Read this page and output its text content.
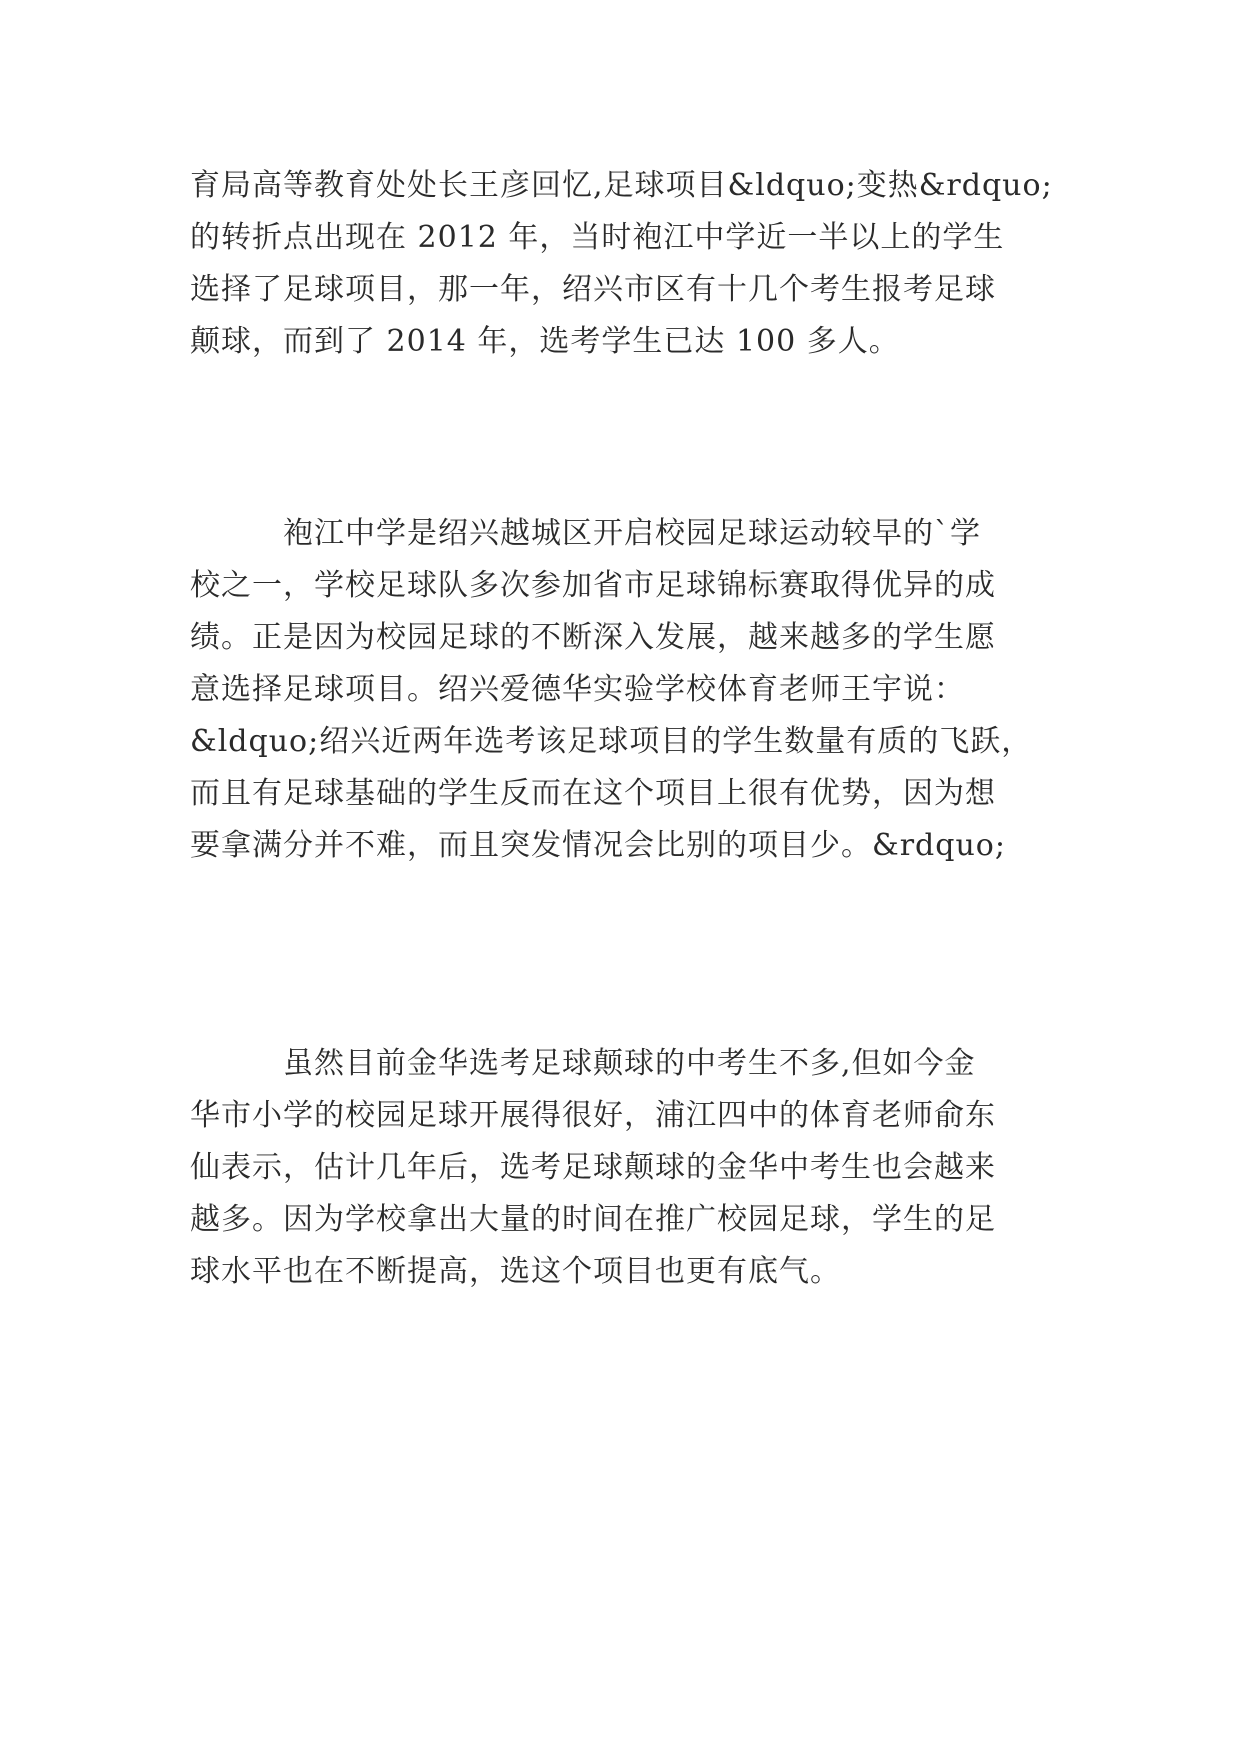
育局高等教育处处长王彦回忆,足球项目&ldquo;变热&rdquo;
的转折点出现在 2012 年，当时袍江中学近一半以上的学生
选择了足球项目，那一年，绍兴市区有十几个考生报考足球
颠球，而到了 2014 年，选考学生已达 100 多人。

　　　袍江中学是绍兴越城区开启校园足球运动较早的`学
校之一，学校足球队多次参加省市足球锦标赛取得优异的成
绩。正是因为校园足球的不断深入发展，越来越多的学生愿
意选择足球项目。绍兴爱德华实验学校体育老师王宇说：
&ldquo;绍兴近两年选考该足球项目的学生数量有质的飞跃，
而且有足球基础的学生反而在这个项目上很有优势，因为想
要拿满分并不难，而且突发情况会比别的项目少。&rdquo;

　　　虽然目前金华选考足球颠球的中考生不多,但如今金
华市小学的校园足球开展得很好，浦江四中的体育老师俞东
仙表示，估计几年后，选考足球颠球的金华中考生也会越来
越多。因为学校拿出大量的时间在推广校园足球，学生的足
球水平也在不断提高，选这个项目也更有底气。
